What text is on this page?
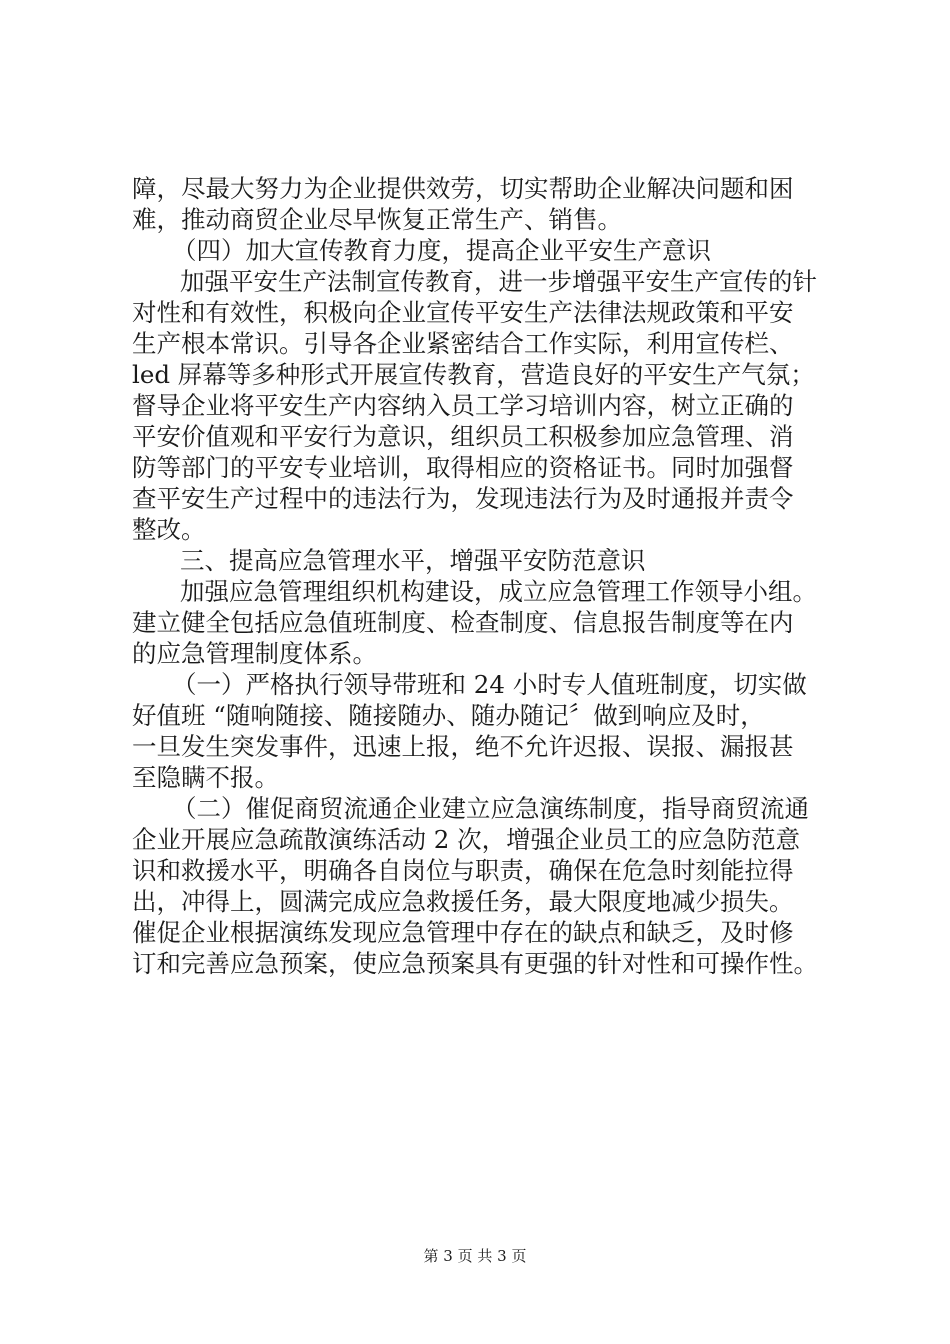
障，尽最大努力为企业提供效劳，切实帮助企业解决问题和困
难，推动商贸企业尽早恢复正常生产、销售。
（四）加大宣传教育力度，提高企业平安生产意识
加强平安生产法制宣传教育，进一步增强平安生产宣传的针
对性和有效性，积极向企业宣传平安生产法律法规政策和平安
生产根本常识。引导各企业紧密结合工作实际，利用宣传栏、
led 屏幕等多种形式开展宣传教育，营造良好的平安生产气氛；
督导企业将平安生产内容纳入员工学习培训内容，树立正确的
平安价值观和平安行为意识，组织员工积极参加应急管理、消
防等部门的平安专业培训，取得相应的资格证书。同时加强督
查平安生产过程中的违法行为，发现违法行为及时通报并责令
整改。
三、提高应急管理水平，增强平安防范意识
加强应急管理组织机构建设，成立应急管理工作领导小组。
建立健全包括应急值班制度、检查制度、信息报告制度等在内
的应急管理制度体系。
（一）严格执行领导带班和 24 小时专人值班制度，切实做
好值班 “随响随接、随接随办、随办随记〞做到响应及时，
一旦发生突发事件，迅速上报，绝不允许迟报、误报、漏报甚
至隐瞒不报。
（二）催促商贸流通企业建立应急演练制度，指导商贸流通
企业开展应急疏散演练活动 2 次，增强企业员工的应急防范意
识和救援水平，明确各自岗位与职责，确保在危急时刻能拉得
出，冲得上，圆满完成应急救援任务，最大限度地减少损失。
催促企业根据演练发现应急管理中存在的缺点和缺乏，及时修
订和完善应急预案，使应急预案具有更强的针对性和可操作性。
第 3 页 共 3 页
